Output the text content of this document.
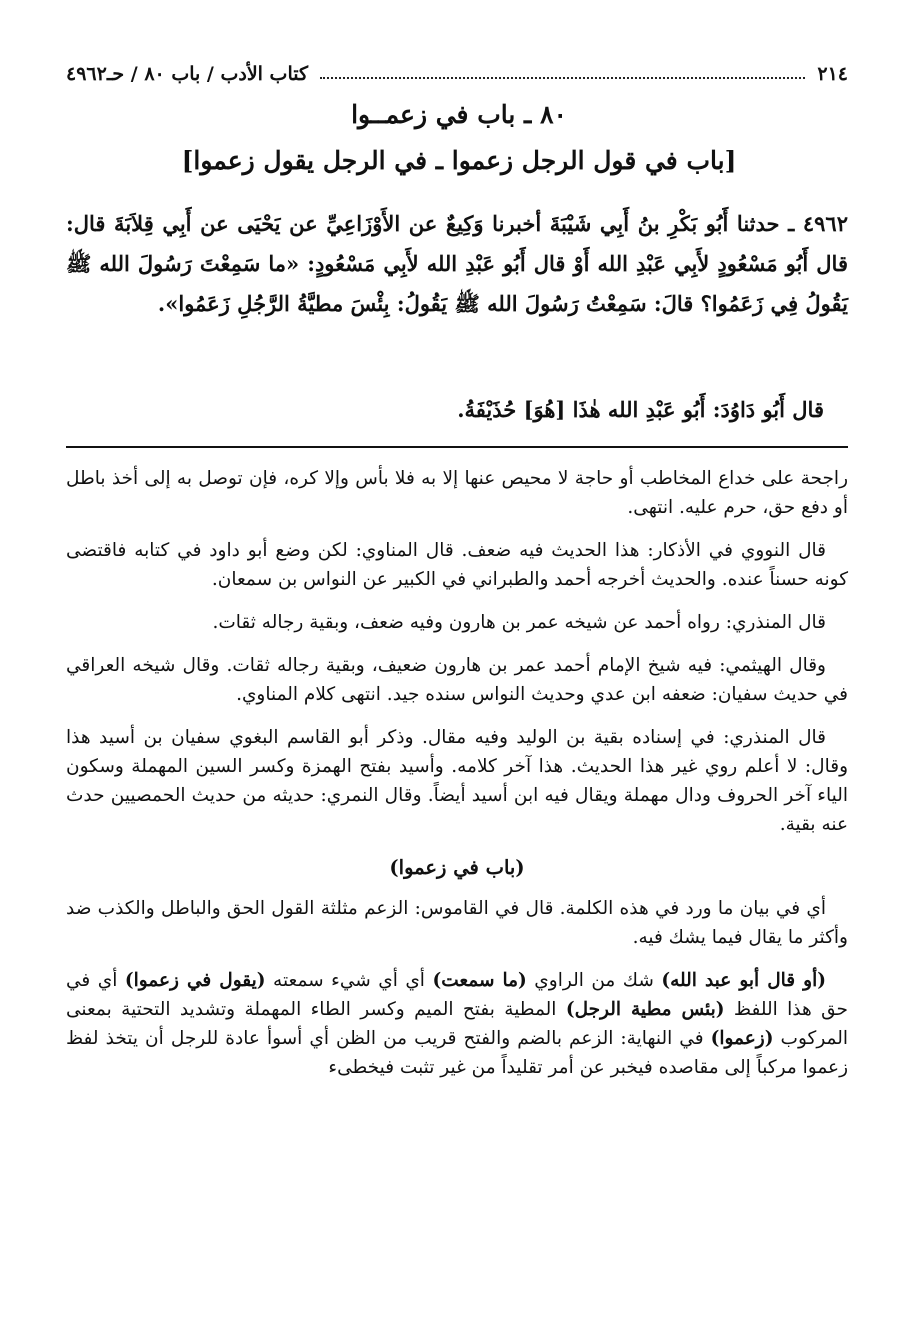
٢١٤
كتاب الأدب / باب ٨٠ / حـ٤٩٦٢
٨٠ ـ باب في زعمــوا
[باب في قول الرجل زعموا ـ في الرجل يقول زعموا]
٤٩٦٢ ـ حدثنا أَبُو بَكْرِ بنُ أَبِي شَيْبَةَ أخبرنا وَكِيعٌ عن الأَوْزَاعِيِّ عن يَحْيَى عن أَبِي قِلاَبَةَ قال: قال أَبُو مَسْعُودٍ لأَبِي عَبْدِ الله أَوْ قال أَبُو عَبْدِ الله لأَبِي مَسْعُودٍ: «ما سَمِعْتَ رَسُولَ الله ﷺ يَقُولُ فِي زَعَمُوا؟ قالَ: سَمِعْتُ رَسُولَ الله ﷺ يَقُولُ: بِئْسَ مطيَّةُ الرَّجُلِ زَعَمُوا».
قال أَبُو دَاوُدَ: أَبُو عَبْدِ الله هٰذَا [هُوَ] حُذَيْفَةُ.

راجحة على خداع المخاطب أو حاجة لا محيص عنها إلا به فلا بأس وإلا كره، فإن توصل به إلى أخذ باطل أو دفع حق، حرم عليه. انتهى.

قال النووي في الأذكار: هذا الحديث فيه ضعف. قال المناوي: لكن وضع أبو داود في كتابه فاقتضى كونه حسناً عنده. والحديث أخرجه أحمد والطبراني في الكبير عن النواس بن سمعان.

قال المنذري: رواه أحمد عن شيخه عمر بن هارون وفيه ضعف، وبقية رجاله ثقات.

وقال الهيثمي: فيه شيخ الإمام أحمد عمر بن هارون ضعيف، وبقية رجاله ثقات. وقال شيخه العراقي في حديث سفيان: ضعفه ابن عدي وحديث النواس سنده جيد. انتهى كلام المناوي.

قال المنذري: في إسناده بقية بن الوليد وفيه مقال. وذكر أبو القاسم البغوي سفيان بن أسيد هذا وقال: لا أعلم روي غير هذا الحديث. هذا آخر كلامه. وأسيد بفتح الهمزة وكسر السين المهملة وسكون الياء آخر الحروف ودال مهملة ويقال فيه ابن أسيد أيضاً. وقال النمري: حديثه من حديث الحمصيين حدث عنه بقية.

(باب في زعموا)

أي في بيان ما ورد في هذه الكلمة. قال في القاموس: الزعم مثلثة القول الحق والباطل والكذب ضد وأكثر ما يقال فيما يشك فيه.

(أو قال أبو عبد الله) شك من الراوي (ما سمعت) أي أي شيء سمعته (يقول في زعموا) أي في حق هذا اللفظ (بئس مطية الرجل) المطية بفتح الميم وكسر الطاء المهملة وتشديد التحتية بمعنى المركوب (زعموا) في النهاية: الزعم بالضم والفتح قريب من الظن أي أسوأ عادة للرجل أن يتخذ لفظ زعموا مركباً إلى مقاصده فيخبر عن أمر تقليداً من غير تثبت فيخطىء
